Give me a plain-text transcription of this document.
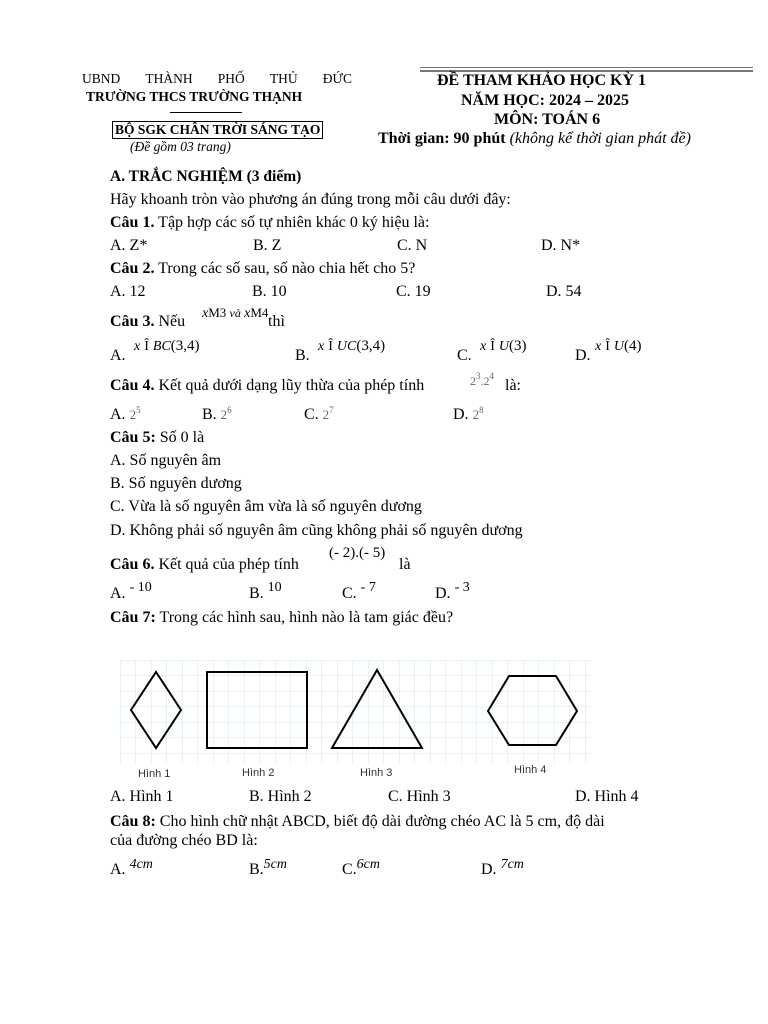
UBND THÀNH PHỐ THỦ ĐỨC
TRƯỜNG THCS TRƯỜNG THẠNH
BỘ SGK CHÂN TRỜI SÁNG TẠO
(Đề gồm 03 trang)
ĐỀ THAM KHẢO HỌC KỲ 1
NĂM HỌC: 2024 – 2025
MÔN: TOÁN 6
Thời gian: 90 phút (không kể thời gian phát đề)
A. TRẮC NGHIỆM (3 điểm)
Hãy khoanh tròn vào phương án đúng trong mỗi câu dưới đây:
Câu 1. Tập hợp các số tự nhiên khác 0 ký hiệu là:
A. Z*	B. Z	C. N	D. N*
Câu 2. Trong các số sau, số nào chia hết cho 5?
A. 12	B. 10	C. 19	D. 54
Câu 3. Nếu xM3 và xM4
thì
A.
x Î BC(3,4)
B.
x Î UC(3,4)
C.
x Î U(3)
D.
x Î U(4)
Câu 4. Kết quả dưới dạng lũy thừa của phép tính	$2^3.2^4$
là:
A. $2^5$	B. $2^6$	C. $2^7$	D. $2^8$
Câu 5: Số 0 là
A. Số nguyên âm
B. Số nguyên dương
C. Vừa là số nguyên âm vừa là số nguyên dương
D. Không phải số nguyên âm cũng không phải số nguyên dương
Câu 6. Kết quả của phép tính
(- 2).(- 5)
là
A. - 10	B. 10	C. - 7	D. - 3
Câu 7: Trong các hình sau, hình nào là tam giác đều?
Hình 1	Hình 2	Hình 3	Hình 4
A. Hình 1	B. Hình 2	C. Hình 3	D. Hình 4
Câu 8: Cho hình chữ nhật ABCD, biết độ dài đường chéo AC là 5 cm, độ dài
của đường chéo BD là:
A. 4cm	B.5cm	C.6cm	D. 7cm
